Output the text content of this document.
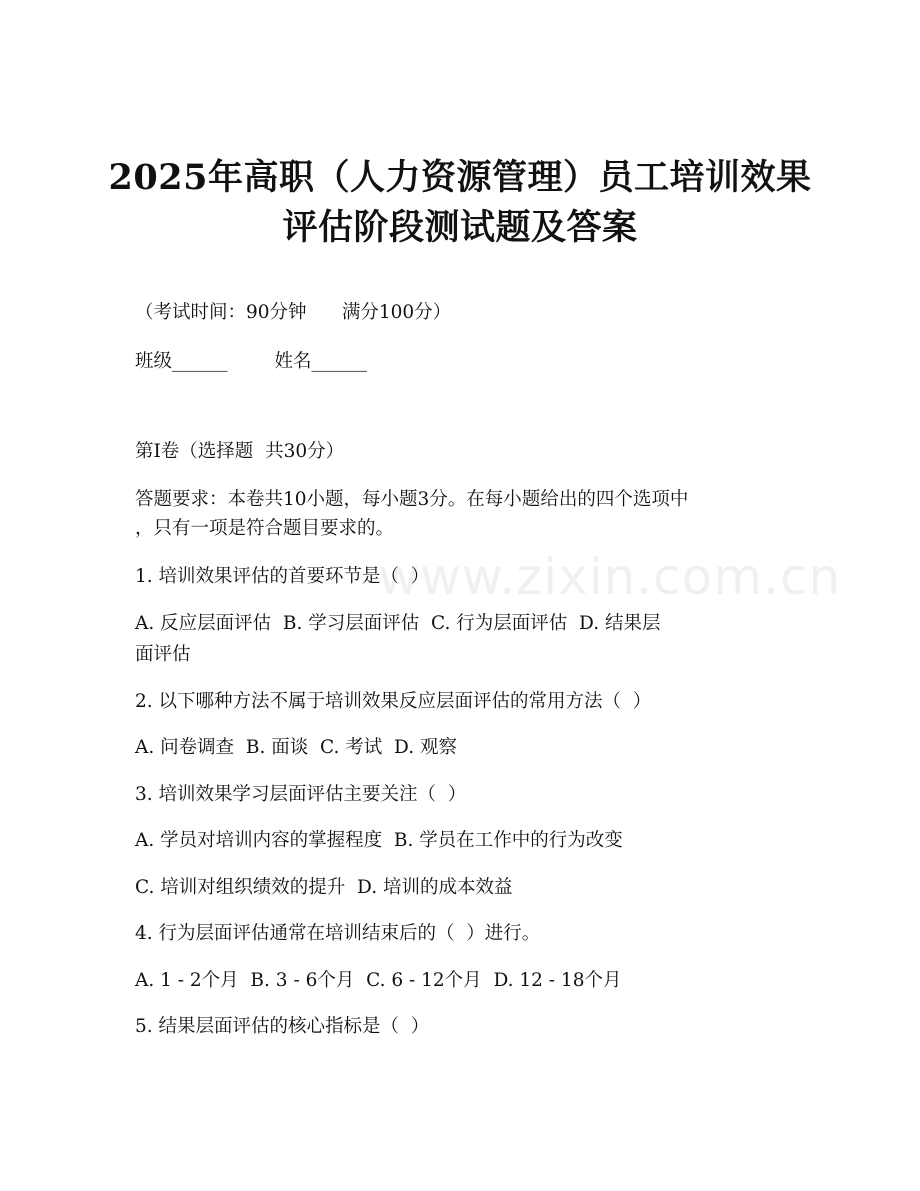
2025年高职（人力资源管理）员工培训效果
评估阶段测试题及答案
（考试时间：90分钟      满分100分）
班级______        姓名______
第I卷（选择题  共30分）
答题要求：本卷共10小题，每小题3分。在每小题给出的四个选项中
，只有一项是符合题目要求的。
1. 培训效果评估的首要环节是（  ）
A. 反应层面评估  B. 学习层面评估  C. 行为层面评估  D. 结果层
面评估
2. 以下哪种方法不属于培训效果反应层面评估的常用方法（  ）
A. 问卷调查  B. 面谈  C. 考试  D. 观察
3. 培训效果学习层面评估主要关注（  ）
A. 学员对培训内容的掌握程度  B. 学员在工作中的行为改变
C. 培训对组织绩效的提升  D. 培训的成本效益
4. 行为层面评估通常在培训结束后的（  ）进行。
A. 1 - 2个月  B. 3 - 6个月  C. 6 - 12个月  D. 12 - 18个月
5. 结果层面评估的核心指标是（  ）
www.zixin.com.cn
